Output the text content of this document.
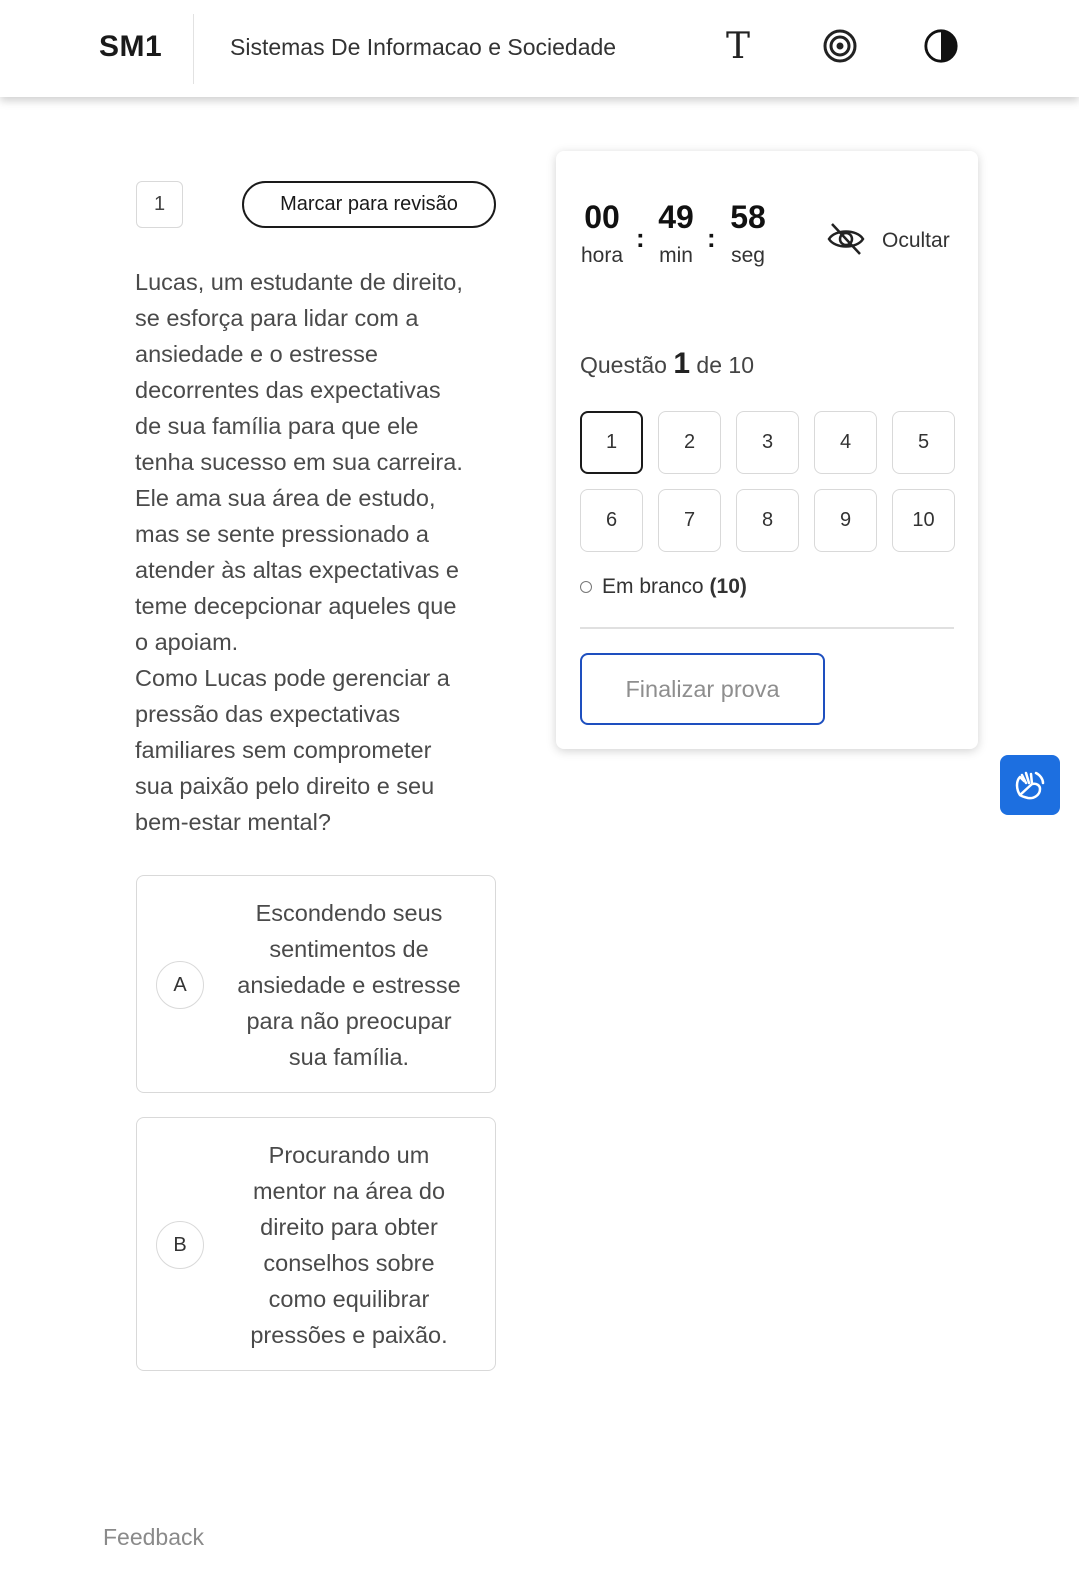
SM1	Sistemas De Informacao e Sociedade	T
1	Marcar para revisão
Lucas, um estudante de direito,
se esforça para lidar com a
ansiedade e o estresse
decorrentes das expectativas
de sua família para que ele
tenha sucesso em sua carreira.
Ele ama sua área de estudo,
mas se sente pressionado a
atender às altas expectativas e
teme decepcionar aqueles que
o apoiam.
Como Lucas pode gerenciar a
pressão das expectativas
familiares sem comprometer
sua paixão pelo direito e seu
bem-estar mental?
A
Escondendo seus
sentimentos de
ansiedade e estresse
para não preocupar
sua família.
B
Procurando um
mentor na área do
direito para obter
conselhos sobre
como equilibrar
pressões e paixão.
00
hora
:
49
min
:
58
seg
Ocultar
Questão 1 de 10
1	2	3	4	5
6	7	8	9	10
Em branco (10)
Finalizar prova
Feedback
